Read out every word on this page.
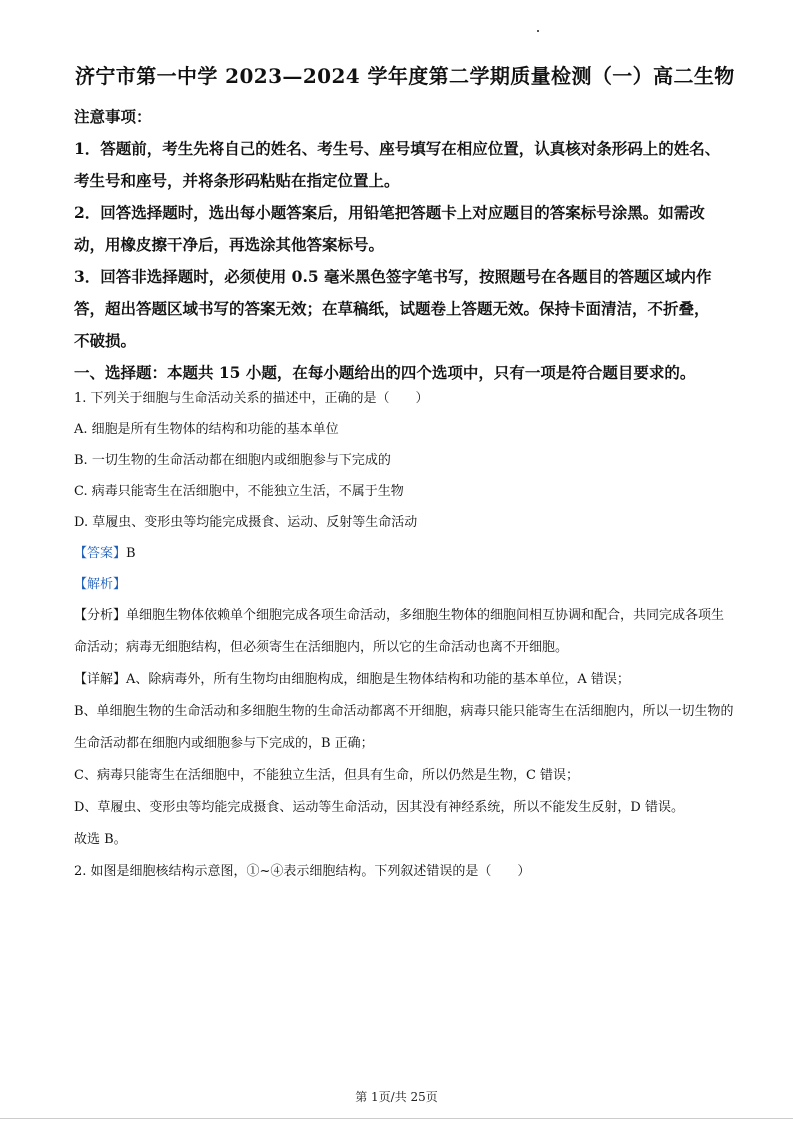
济宁市第一中学 2023—2024 学年度第二学期质量检测（一）高二生物

注意事项：

1．答题前，考生先将自己的姓名、考生号、座号填写在相应位置，认真核对条形码上的姓名、考生号和座号，并将条形码粘贴在指定位置上。

2．回答选择题时，选出每小题答案后，用铅笔把答题卡上对应题目的答案标号涂黑。如需改动，用橡皮擦干净后，再选涂其他答案标号。

3．回答非选择题时，必须使用 0.5 毫米黑色签字笔书写，按照题号在各题目的答题区域内作答，超出答题区域书写的答案无效；在草稿纸，试题卷上答题无效。保持卡面清洁，不折叠，不破损。

一、选择题：本题共 15 小题，在每小题给出的四个选项中，只有一项是符合题目要求的。

1. 下列关于细胞与生命活动关系的描述中，正确的是（　　）

A. 细胞是所有生物体的结构和功能的基本单位

B. 一切生物的生命活动都在细胞内或细胞参与下完成的

C. 病毒只能寄生在活细胞中，不能独立生活，不属于生物

D. 草履虫、变形虫等均能完成摄食、运动、反射等生命活动

【答案】B

【解析】

【分析】单细胞生物体依赖单个细胞完成各项生命活动，多细胞生物体的细胞间相互协调和配合，共同完成各项生命活动；病毒无细胞结构，但必须寄生在活细胞内，所以它的生命活动也离不开细胞。

【详解】A、除病毒外，所有生物均由细胞构成，细胞是生物体结构和功能的基本单位，A 错误；

B、单细胞生物的生命活动和多细胞生物的生命活动都离不开细胞，病毒只能只能寄生在活细胞内，所以一切生物的生命活动都在细胞内或细胞参与下完成的，B 正确；

C、病毒只能寄生在活细胞中，不能独立生活，但具有生命，所以仍然是生物，C 错误；

D、草履虫、变形虫等均能完成摄食、运动等生命活动，因其没有神经系统，所以不能发生反射，D 错误。

故选 B。

2. 如图是细胞核结构示意图，①~④表示细胞结构。下列叙述错误的是（　　）

第 1页/共 25页
